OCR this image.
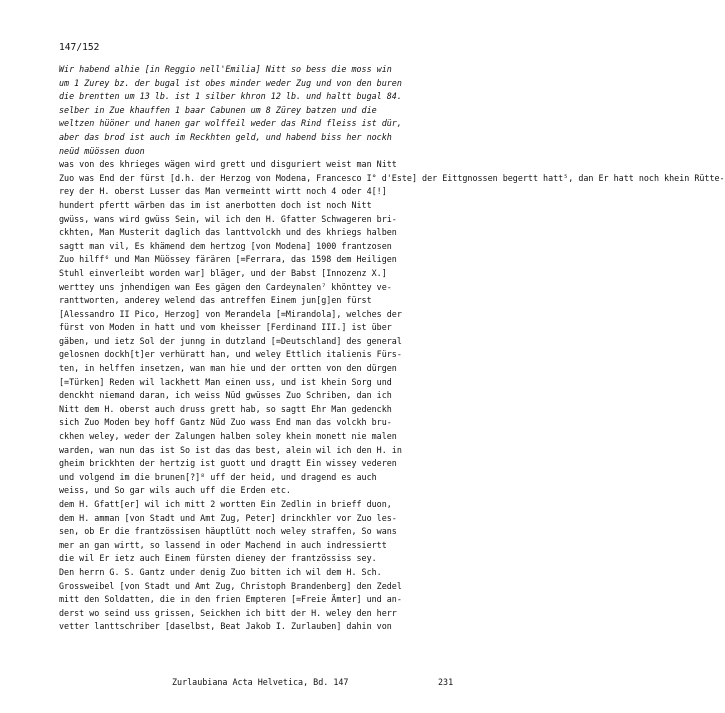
147/152
Wir habend alhie [in Reggio nell'Emilia] Nitt so bess die moss win
um 1 Zurey bz. der bugal ist obes minder weder Zug und von den buren
die brentten um 13 lb. ist 1 silber khron 12 lb. und haltt bugal 84.
selber in Zue khauffen 1 baar Cabunen um 8 Zürey batzen und die
weltzen hüöner und hanen gar wolffeil weder das Rind fleiss ist dür,
aber das brod ist auch im Reckhten geld, und habend biss her nockh
neüd müössen duon
was von des khrieges wägen wird grett und disguriert weist man Nitt
Zuo was End der fürst [d.h. der Herzog von Modena, Francesco I° d'Este] der Eittgnossen begertt hatt⁵, dan Er hatt noch khein Rütte-
rey der H. oberst Lusser das Man vermeintt wirtt noch 4 oder 4[!]
hundert pfertt wärben das im ist anerbotten doch ist noch Nitt
gwüss, wans wird gwüss Sein, wil ich den H. Gfatter Schwageren bri-
ckhten, Man Musterit daglich das lanttvolckh und des khriegs halben
sagtt man vil, Es khämend dem hertzog [von Modena] 1000 frantzosen
Zuo hilff⁶ und Man Müössey färären [=Ferrara, das 1598 dem Heiligen
Stuhl einverleibt worden war] bläger, und der Babst [Innozenz X.]
werttey uns jnhendigen wan Ees gägen den Cardeynalen⁷ khönttey ve-
ranttworten, anderey welend das antreffen Einem jun[g]en fürst
[Alessandro II Pico, Herzog] von Merandela [=Mirandola], welches der
fürst von Moden in hatt und vom kheisser [Ferdinand III.] ist über
gäben, und ietz Sol der junng in dutzland [=Deutschland] des general
gelosnen dockh[t]er verhüratt han, und weley Ettlich italienis Fürs-
ten, in helffen insetzen, wan man hie und der ortten von den dürgen
[=Türken] Reden wil lackhett Man einen uss, und ist khein Sorg und
denckht niemand daran, ich weiss Nüd gwüsses Zuo Schriben, dan ich
Nitt dem H. oberst auch druss grett hab, so sagtt Ehr Man gedenckh
sich Zuo Moden bey hoff Gantz Nüd Zuo wass End man das volckh bru-
ckhen weley, weder der Zalungen halben soley khein monett nie malen
warden, wan nun das ist So ist das das best, alein wil ich den H. in
gheim brickhten der hertzig ist guott und dragtt Ein wissey vederen
und volgend im die brunen[?]⁸ uff der heid, und dragend es auch
weiss, und So gar wils auch uff die Erden etc.
dem H. Gfatt[er] wil ich mitt 2 wortten Ein Zedlin in brieff duon,
dem H. amman [von Stadt und Amt Zug, Peter] drinckhler vor Zuo les-
sen, ob Er die frantzössisen häuptlütt noch weley straffen, So wans
mer an gan wirtt, so lassend in oder Machend in auch indressiertt
die wil Er ietz auch Einem fürsten dieney der frantzössiss sey.
Den herrn G. S. Gantz under denig Zuo bitten ich wil dem H. Sch.
Grossweibel [von Stadt und Amt Zug, Christoph Brandenberg] den Zedel
mitt den Soldatten, die in den frien Empteren [=Freie Ämter] und an-
derst wo seind uss grissen, Seickhen ich bitt der H. weley den herr
vetter lanttschriber [daselbst, Beat Jakob I. Zurlauben] dahin von
Zurlaubiana Acta Helvetica, Bd. 147	231
